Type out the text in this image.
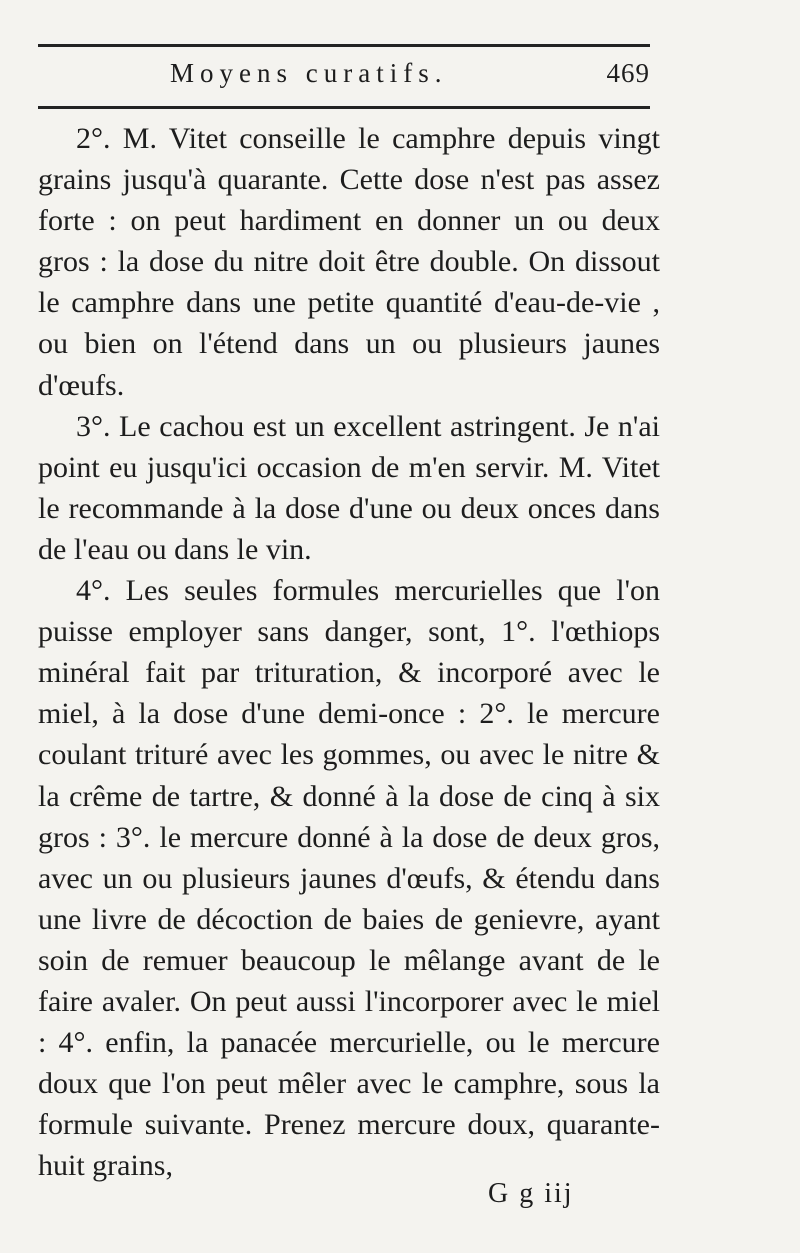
Moyens curatifs.	469

2°. M. Vitet conseille le camphre depuis vingt grains jusqu'à quarante. Cette dose n'est pas assez forte : on peut hardiment en donner un ou deux gros : la dose du nitre doit être double. On dissout le camphre dans une petite quantité d'eau-de-vie , ou bien on l'étend dans un ou plusieurs jaunes d'œufs.

3°. Le cachou est un excellent astringent. Je n'ai point eu jusqu'ici occasion de m'en servir. M. Vitet le recommande à la dose d'une ou deux onces dans de l'eau ou dans le vin.

4°. Les seules formules mercurielles que l'on puisse employer sans danger, sont, 1°. l'œthiops minéral fait par trituration, & incorporé avec le miel, à la dose d'une demi-once : 2°. le mercure coulant trituré avec les gommes, ou avec le nitre & la crême de tartre, & donné à la dose de cinq à six gros : 3°. le mercure donné à la dose de deux gros, avec un ou plusieurs jaunes d'œufs, & étendu dans une livre de décoction de baies de genievre, ayant soin de remuer beaucoup le mêlange avant de le faire avaler. On peut aussi l'incorporer avec le miel : 4°. enfin, la panacée mercurielle, ou le mercure doux que l'on peut mêler avec le camphre, sous la formule suivante. Prenez mercure doux, quarante-huit grains,

G g iij
